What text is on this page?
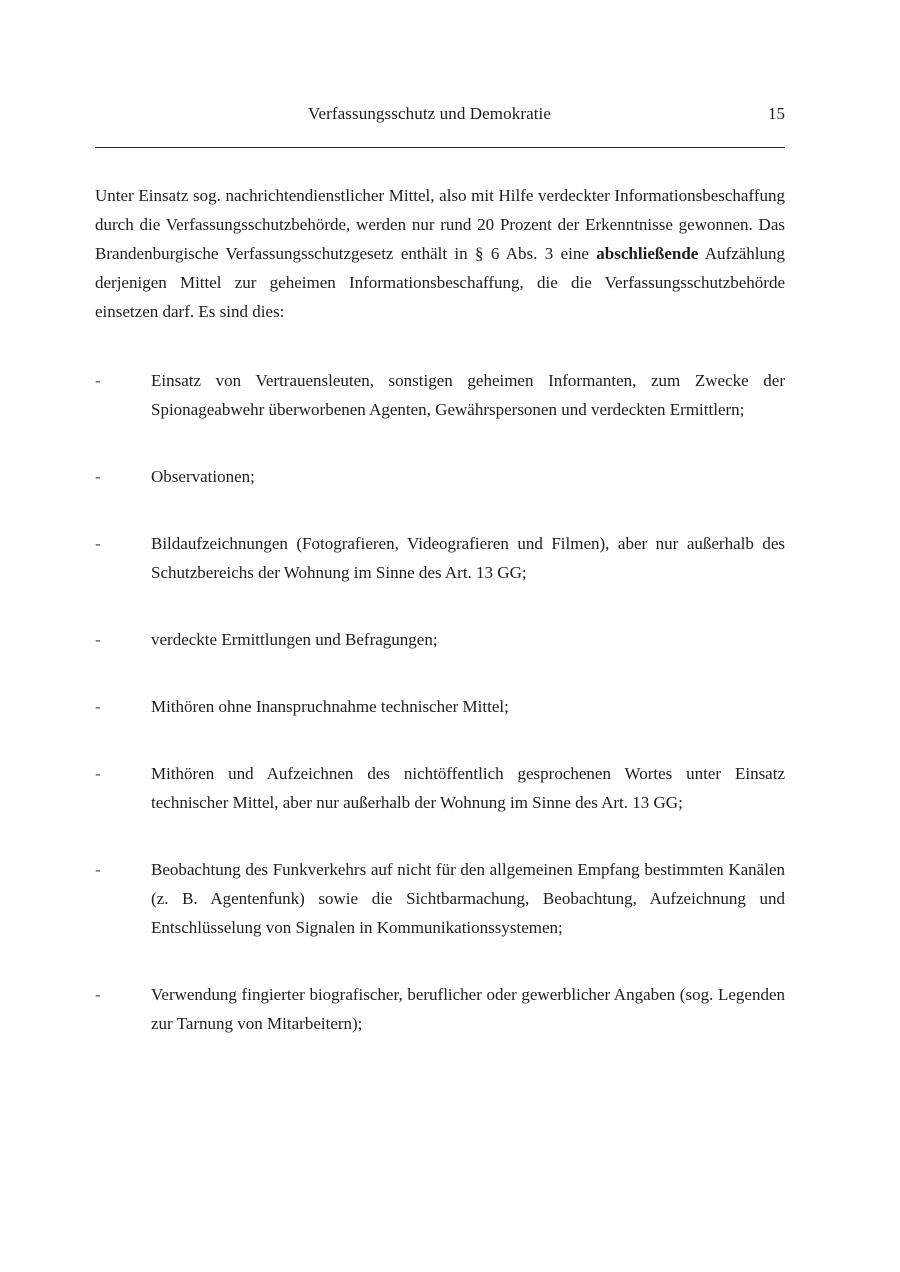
Verfassungsschutz und Demokratie	15

Unter Einsatz sog. nachrichtendienstlicher Mittel, also mit Hilfe verdeckter Informationsbeschaffung durch die Verfassungsschutzbehörde, werden nur rund 20 Prozent der Erkenntnisse gewonnen. Das Brandenburgische Verfassungsschutzgesetz enthält in § 6 Abs. 3 eine abschließende Aufzählung derjenigen Mittel zur geheimen Informationsbeschaffung, die die Verfassungsschutzbehörde einsetzen darf. Es sind dies:

-	Einsatz von Vertrauensleuten, sonstigen geheimen Informanten, zum Zwecke der Spionageabwehr überworbenen Agenten, Gewährspersonen und verdeckten Ermittlern;
-	Observationen;
-	Bildaufzeichnungen (Fotografieren, Videografieren und Filmen), aber nur außerhalb des Schutzbereichs der Wohnung im Sinne des Art. 13 GG;
-	verdeckte Ermittlungen und Befragungen;
-	Mithören ohne Inanspruchnahme technischer Mittel;
-	Mithören und Aufzeichnen des nichtöffentlich gesprochenen Wortes unter Einsatz technischer Mittel, aber nur außerhalb der Wohnung im Sinne des Art. 13 GG;
-	Beobachtung des Funkverkehrs auf nicht für den allgemeinen Empfang bestimmten Kanälen (z. B. Agentenfunk) sowie die Sichtbarmachung, Beobachtung, Aufzeichnung und Entschlüsselung von Signalen in Kommunikationssystemen;
-	Verwendung fingierter biografischer, beruflicher oder gewerblicher Angaben (sog. Legenden zur Tarnung von Mitarbeitern);
